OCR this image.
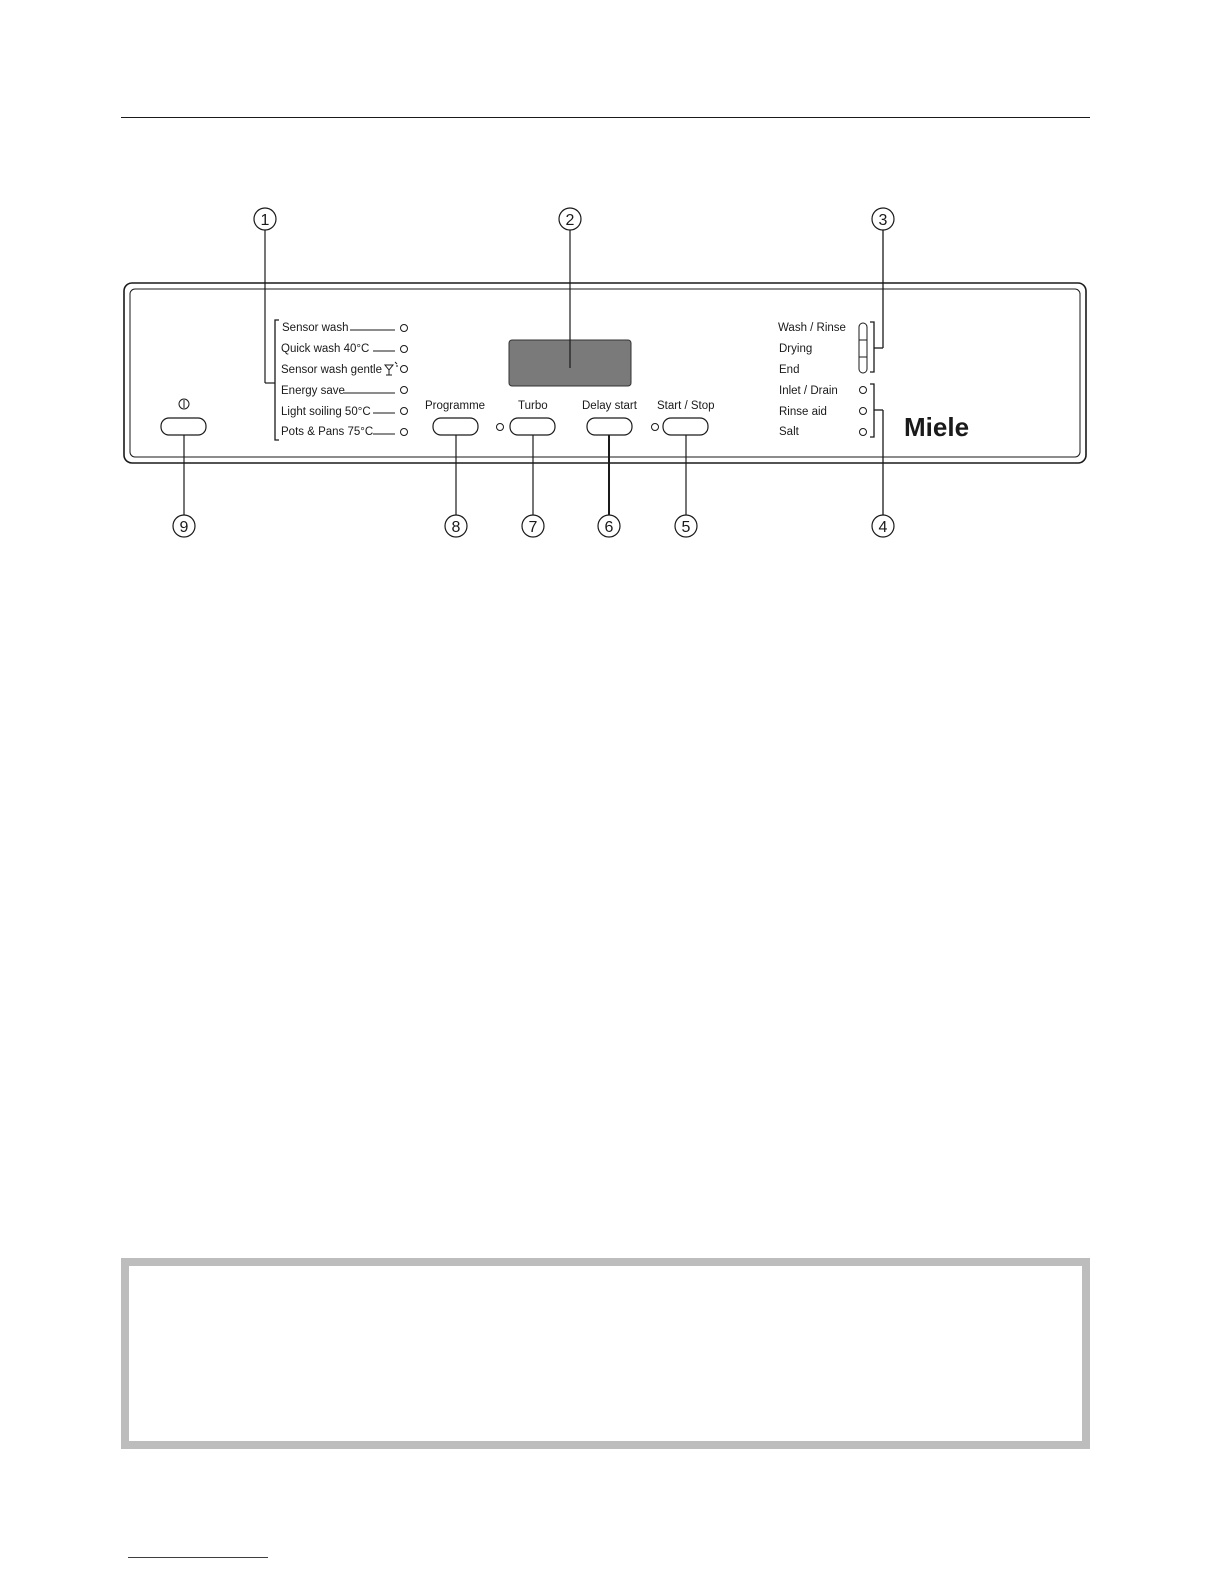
1	2	3
4
5
6
7
8
9
Miele
Sensor wash
Quick wash 40°C
Sensor wash gentle
Energy save
Light soiling 50°C
Pots & Pans 75°C
Programme	Turbo	Delay start Start / Stop
Wash / Rinse
Drying
End
Inlet / Drain
Rinse aid
Salt
